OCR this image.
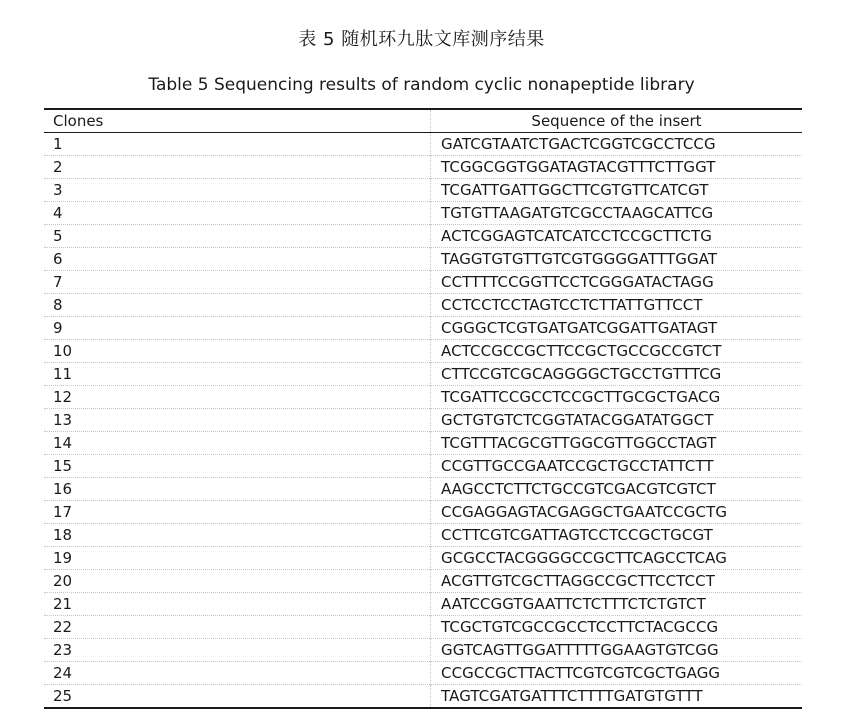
表 5 随机环九肽文库测序结果
Table 5 Sequencing results of random cyclic nonapeptide library
Clones	Sequence of the insert
1	GATCGTAATCTGACTCGGTCGCCTCCG
2	TCGGCGGTGGATAGTACGTTTCTTGGT
3	TCGATTGATTGGCTTCGTGTTCATCGT
4	TGTGTTAAGATGTCGCCTAAGCATTCG
5	ACTCGGAGTCATCATCCTCCGCTTCTG
6	TAGGTGTGTTGTCGTGGGGATTTGGAT
7	CCTTTTCCGGTTCCTCGGGATACTAGG
8	CCTCCTCCTAGTCCTCTTATTGTTCCT
9	CGGGCTCGTGATGATCGGATTGATAGT
10	ACTCCGCCGCTTCCGCTGCCGCCGTCT
11	CTTCCGTCGCAGGGGCTGCCTGTTTCG
12	TCGATTCCGCCTCCGCTTGCGCTGACG
13	GCTGTGTCTCGGTATACGGATATGGCT
14	TCGTTTACGCGTTGGCGTTGGCCTAGT
15	CCGTTGCCGAATCCGCTGCCTATTCTT
16	AAGCCTCTTCTGCCGTCGACGTCGTCT
17	CCGAGGAGTACGAGGCTGAATCCGCTG
18	CCTTCGTCGATTAGTCCTCCGCTGCGT
19	GCGCCTACGGGGCCGCTTCAGCCTCAG
20	ACGTTGTCGCTTAGGCCGCTTCCTCCT
21	AATCCGGTGAATTCTCTTTCTCTGTCT
22	TCGCTGTCGCCGCCTCCTTCTACGCCG
23	GGTCAGTTGGATTTTTGGAAGTGTCGG
24	CCGCCGCTTACTTCGTCGTCGCTGAGG
25	TAGTCGATGATTTCTTTTGATGTGTTT
